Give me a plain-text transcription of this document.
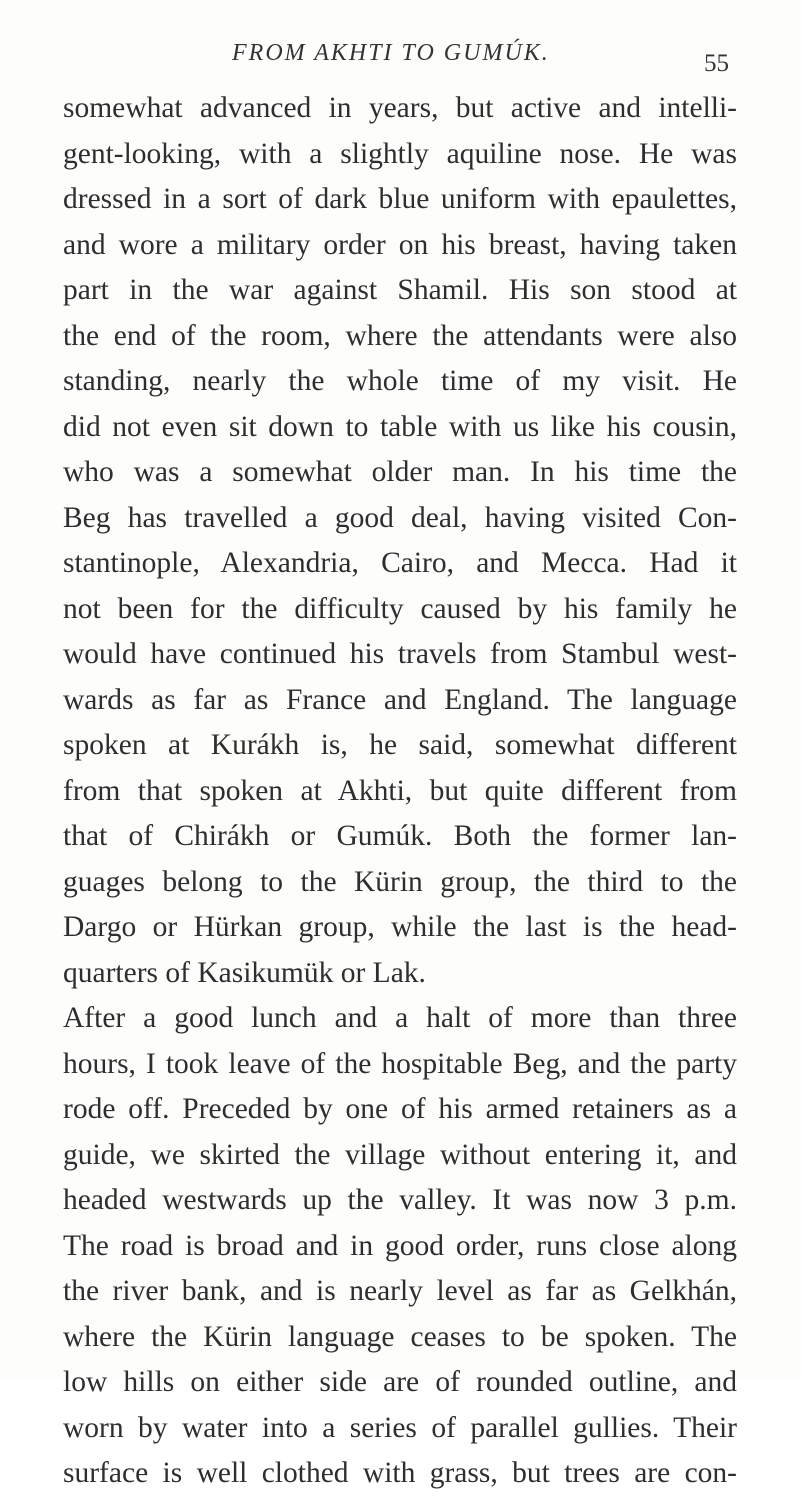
FROM AKHTI TO GUMÚK.	55
somewhat advanced in years, but active and intelli-
gent-looking, with a slightly aquiline nose. He was
dressed in a sort of dark blue uniform with epaulettes,
and wore a military order on his breast, having taken
part in the war against Shamil. His son stood at
the end of the room, where the attendants were also
standing, nearly the whole time of my visit. He
did not even sit down to table with us like his cousin,
who was a somewhat older man. In his time the
Beg has travelled a good deal, having visited Con-
stantinople, Alexandria, Cairo, and Mecca. Had it
not been for the difficulty caused by his family he
would have continued his travels from Stambul west-
wards as far as France and England. The language
spoken at Kurákh is, he said, somewhat different
from that spoken at Akhti, but quite different from
that of Chirákh or Gumúk. Both the former lan-
guages belong to the Kürin group, the third to the
Dargo or Hürkan group, while the last is the head-
quarters of Kasikumük or Lak.
After a good lunch and a halt of more than three
hours, I took leave of the hospitable Beg, and the party
rode off. Preceded by one of his armed retainers as a
guide, we skirted the village without entering it, and
headed westwards up the valley. It was now 3 p.m.
The road is broad and in good order, runs close along
the river bank, and is nearly level as far as Gelkhán,
where the Kürin language ceases to be spoken. The
low hills on either side are of rounded outline, and
worn by water into a series of parallel gullies. Their
surface is well clothed with grass, but trees are con-
